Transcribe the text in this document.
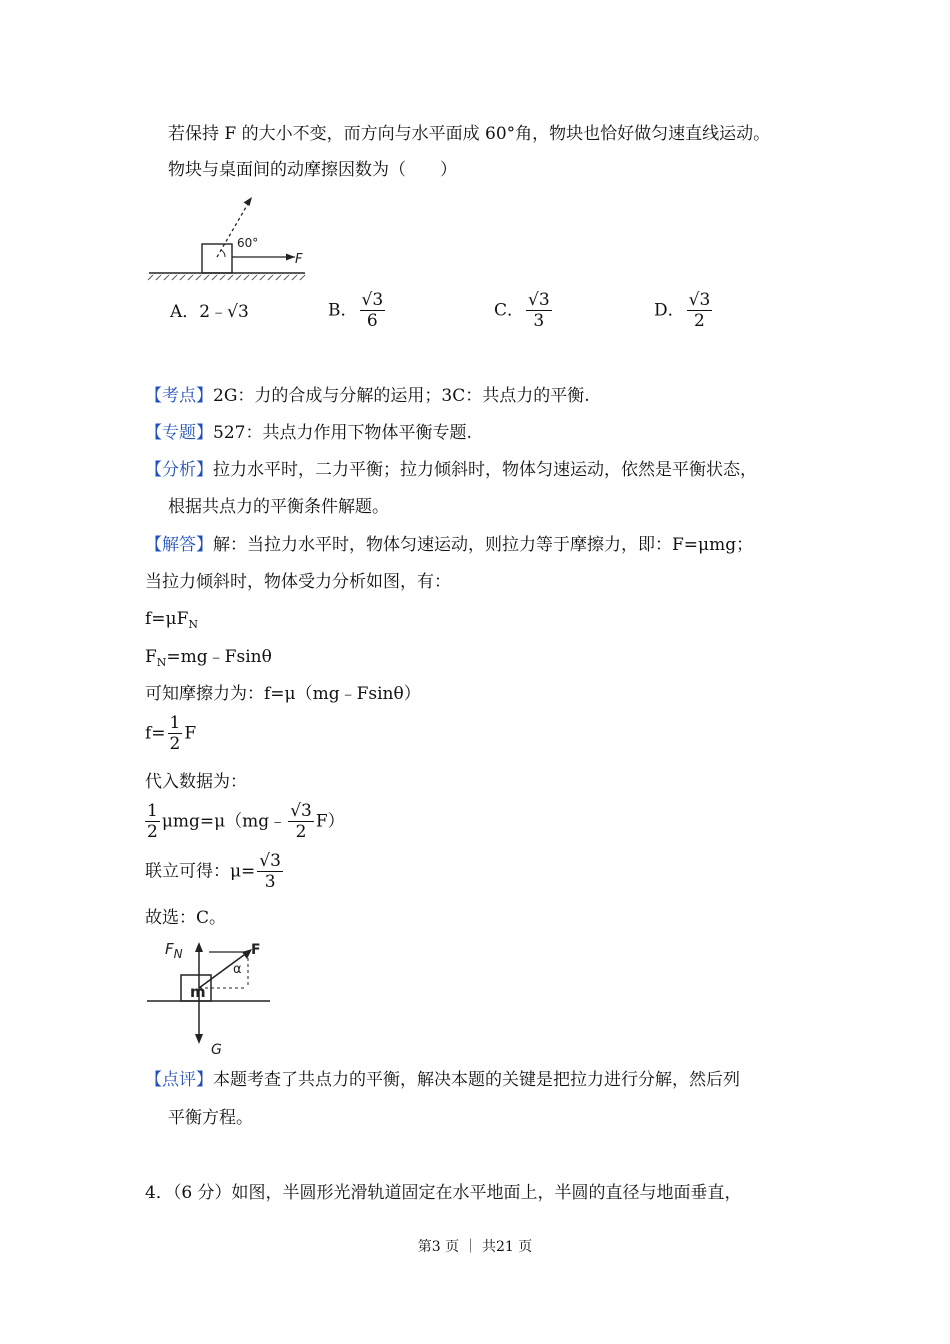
若保持 F 的大小不变，而方向与水平面成 60°角，物块也恰好做匀速直线运动。
物块与桌面间的动摩擦因数为（　　）
60°
F
A．2﹣√3	B． $\frac{√3}{6}$	C． $\frac{√3}{3}$	D． $\frac{√3}{2}$
【考点】2G：力的合成与分解的运用；3C：共点力的平衡.
【专题】527：共点力作用下物体平衡专题.
【分析】拉力水平时，二力平衡；拉力倾斜时，物体匀速运动，依然是平衡状态，
根据共点力的平衡条件解题。
【解答】解：当拉力水平时，物体匀速运动，则拉力等于摩擦力，即：F=μmg；
当拉力倾斜时，物体受力分析如图，有：
$f=\mu F_N$
$F_N=mg﹣Fsin\theta$
可知摩擦力为：f=μ（mg﹣Fsinθ）
$f= \frac{1}{2}$ F
代入数据为：
$\frac{1}{2}$ μmg=μ（mg﹣ $\frac{√3}{2} F$）
联立可得：$\mu= \frac{√3}{3}$
故选：C。
$F_N$	F
α
m
G
【点评】本题考查了共点力的平衡，解决本题的关键是把拉力进行分解，然后列
平衡方程。
4．（6 分）如图，半圆形光滑轨道固定在水平地面上，半圆的直径与地面垂直，
第3 页 ｜ 共21 页
